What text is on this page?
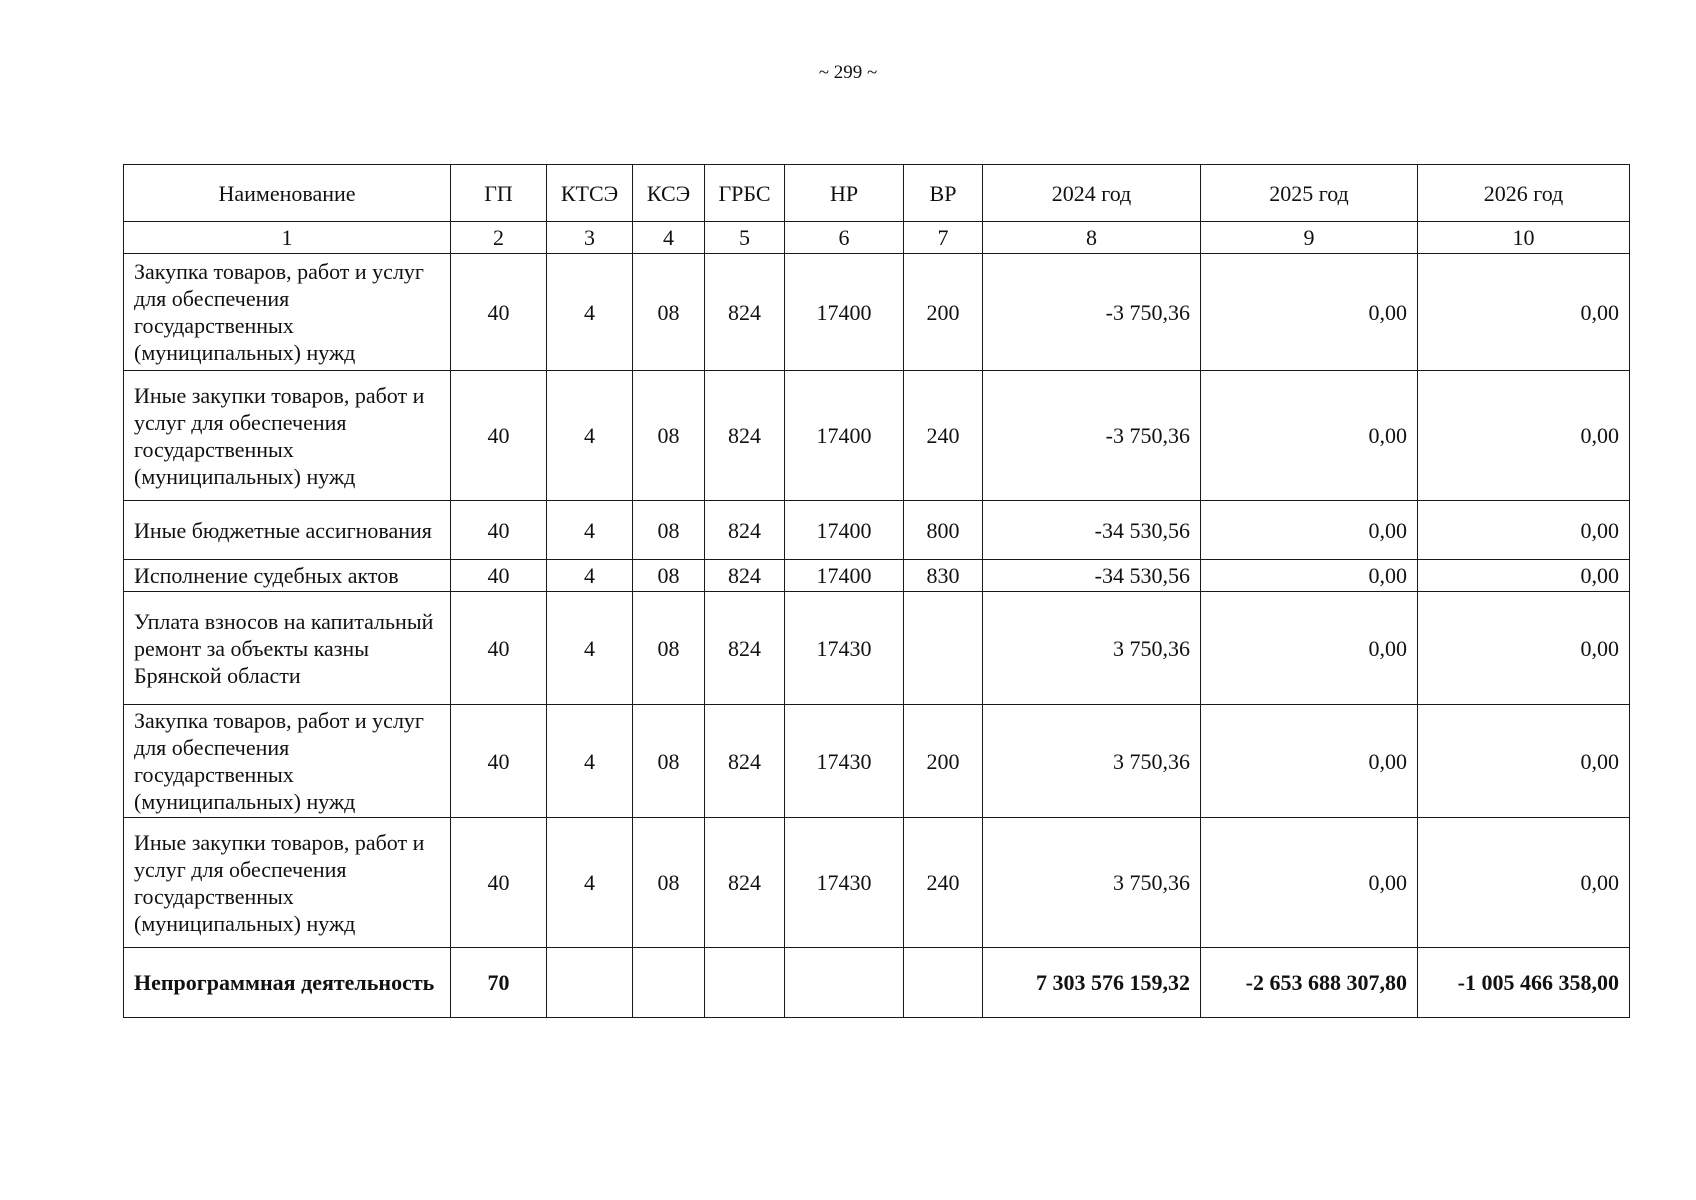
~ 299 ~
Наименование	ГП	КТСЭ	КСЭ	ГРБС	НР	ВР	2024 год	2025 год	2026 год
1	2	3	4	5	6	7	8	9	10
Закупка товаров, работ и услуг для обеспечения государственных (муниципальных) нужд	40	4	08	824	17400	200	-3 750,36	0,00	0,00
Иные закупки товаров, работ и услуг для обеспечения государственных (муниципальных) нужд	40	4	08	824	17400	240	-3 750,36	0,00	0,00
Иные бюджетные ассигнования	40	4	08	824	17400	800	-34 530,56	0,00	0,00
Исполнение судебных актов	40	4	08	824	17400	830	-34 530,56	0,00	0,00
Уплата взносов на капитальный ремонт за объекты казны Брянской области	40	4	08	824	17430		3 750,36	0,00	0,00
Закупка товаров, работ и услуг для обеспечения государственных (муниципальных) нужд	40	4	08	824	17430	200	3 750,36	0,00	0,00
Иные закупки товаров, работ и услуг для обеспечения государственных (муниципальных) нужд	40	4	08	824	17430	240	3 750,36	0,00	0,00
Непрограммная деятельность	70						7 303 576 159,32	-2 653 688 307,80	-1 005 466 358,00
